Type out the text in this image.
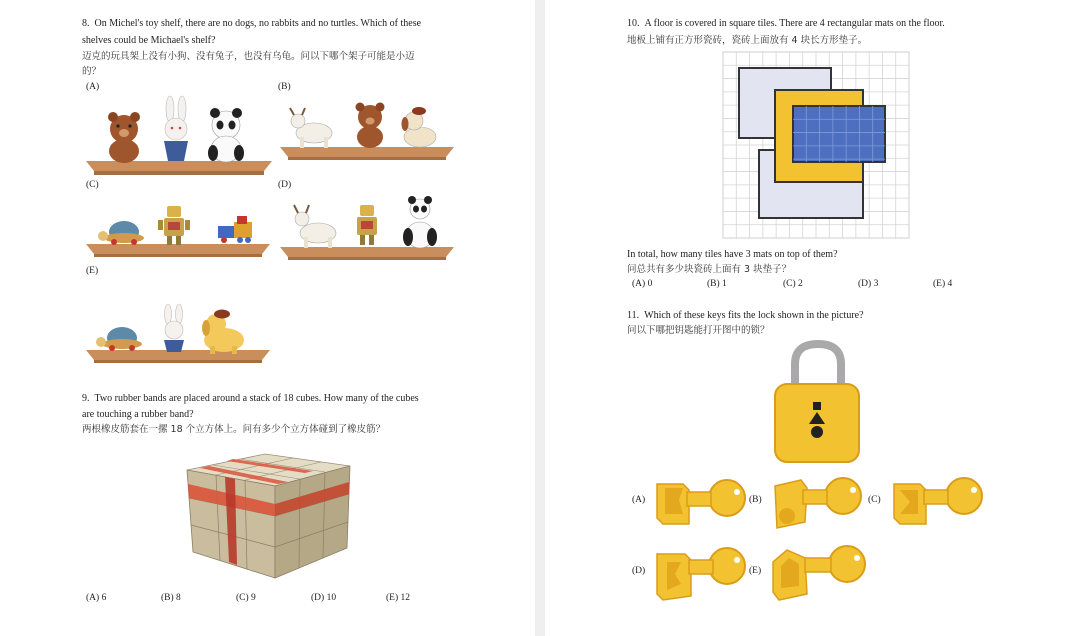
8. On Michel's toy shelf, there are no dogs, no rabbits and no turtles. Which of these
shelves could be Michael's shelf?
迈克的玩具架上没有小狗、没有兔子，也没有乌龟。问以下哪个架子可能是小迈
的？
(A)	(B)
(C)	(D)
(E)
9. Two rubber bands are placed around a stack of 18 cubes. How many of the cubes
are touching a rubber band?
两根橡皮筋套在一摞 18 个立方体上。问有多少个立方体碰到了橡皮筋？
(A) 6	(B) 8	(C) 9	(D) 10	(E) 12
10. A floor is covered in square tiles. There are 4 rectangular mats on the floor.
地板上铺有正方形瓷砖，瓷砖上面放有 4 块长方形垫子。
In total, how many tiles have 3 mats on top of them?
问总共有多少块瓷砖上面有 3 块垫子？
(A) 0	(B) 1	(C) 2	(D) 3	(E) 4
11. Which of these keys fits the lock shown in the picture?
问以下哪把钥匙能打开图中的锁？
(A)	(B)	(C)
(D)	(E)
